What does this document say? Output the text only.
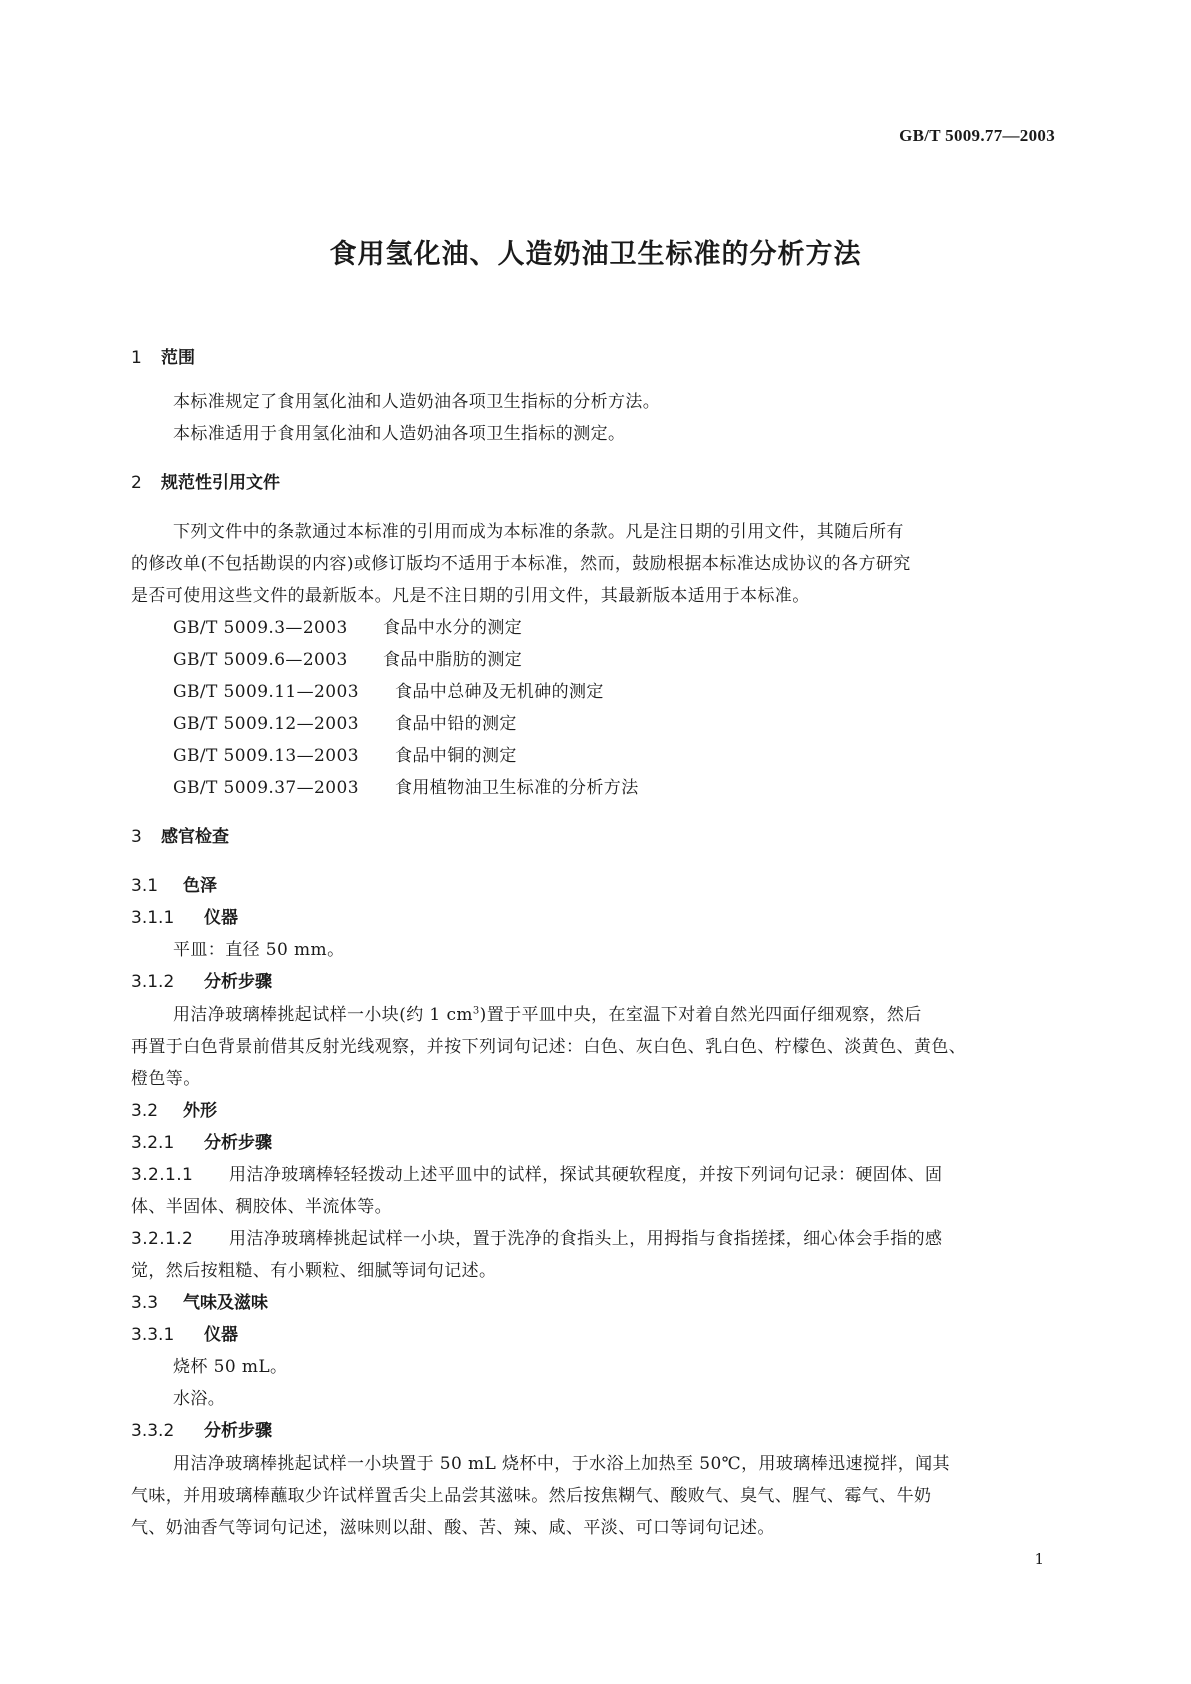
GB/T 5009.77—2003
食用氢化油、人造奶油卫生标准的分析方法
1 范围
本标准规定了食用氢化油和人造奶油各项卫生指标的分析方法。
本标准适用于食用氢化油和人造奶油各项卫生指标的测定。
2 规范性引用文件
下列文件中的条款通过本标准的引用而成为本标准的条款。凡是注日期的引用文件，其随后所有
的修改单(不包括勘误的内容)或修订版均不适用于本标准，然而，鼓励根据本标准达成协议的各方研究
是否可使用这些文件的最新版本。凡是不注日期的引用文件，其最新版本适用于本标准。
GB/T 5009.3—2003 食品中水分的测定
GB/T 5009.6—2003 食品中脂肪的测定
GB/T 5009.11—2003 食品中总砷及无机砷的测定
GB/T 5009.12—2003 食品中铅的测定
GB/T 5009.13—2003 食品中铜的测定
GB/T 5009.37—2003 食用植物油卫生标准的分析方法
3 感官检查
3.1 色泽
3.1.1 仪器
平皿：直径 50 mm。
3.1.2 分析步骤
用洁净玻璃棒挑起试样一小块(约 1 $cm^3$)置于平皿中央，在室温下对着自然光四面仔细观察，然后
再置于白色背景前借其反射光线观察，并按下列词句记述：白色、灰白色、乳白色、柠檬色、淡黄色、黄色、
橙色等。
3.2 外形
3.2.1 分析步骤
3.2.1.1 用洁净玻璃棒轻轻拨动上述平皿中的试样，探试其硬软程度，并按下列词句记录：硬固体、固
体、半固体、稠胶体、半流体等。
3.2.1.2 用洁净玻璃棒挑起试样一小块，置于洗净的食指头上，用拇指与食指搓揉，细心体会手指的感
觉，然后按粗糙、有小颗粒、细腻等词句记述。
3.3 气味及滋味
3.3.1 仪器
烧杯 50 mL。
水浴。
3.3.2 分析步骤
用洁净玻璃棒挑起试样一小块置于 50 mL 烧杯中，于水浴上加热至 50℃，用玻璃棒迅速搅拌，闻其
气味，并用玻璃棒蘸取少许试样置舌尖上品尝其滋味。然后按焦糊气、酸败气、臭气、腥气、霉气、牛奶
气、奶油香气等词句记述，滋味则以甜、酸、苦、辣、咸、平淡、可口等词句记述。
1
